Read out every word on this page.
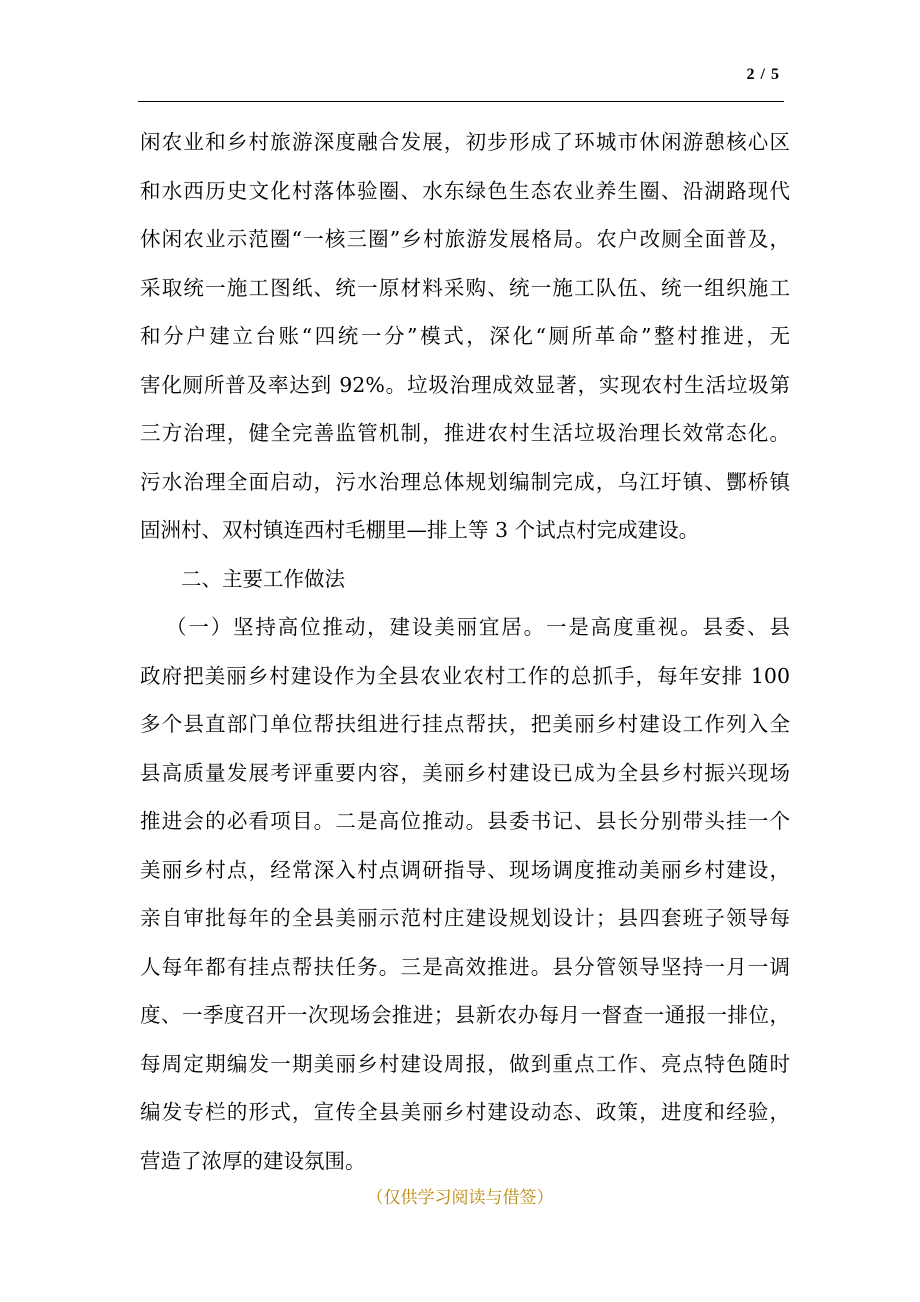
2 / 5
闲农业和乡村旅游深度融合发展，初步形成了环城市休闲游憩核心区
和水西历史文化村落体验圈、水东绿色生态农业养生圈、沿湖路现代
休闲农业示范圈“一核三圈”乡村旅游发展格局。农户改厕全面普及，
采取统一施工图纸、统一原材料采购、统一施工队伍、统一组织施工
和分户建立台账“四统一分”模式，深化“厕所革命”整村推进，无
害化厕所普及率达到 92%。垃圾治理成效显著，实现农村生活垃圾第
三方治理，健全完善监管机制，推进农村生活垃圾治理长效常态化。
污水治理全面启动，污水治理总体规划编制完成，乌江圩镇、酆桥镇
固洲村、双村镇连西村毛棚里—排上等 3 个试点村完成建设。
二、主要工作做法
（一）坚持高位推动，建设美丽宜居。一是高度重视。县委、县
政府把美丽乡村建设作为全县农业农村工作的总抓手，每年安排 100
多个县直部门单位帮扶组进行挂点帮扶，把美丽乡村建设工作列入全
县高质量发展考评重要内容，美丽乡村建设已成为全县乡村振兴现场
推进会的必看项目。二是高位推动。县委书记、县长分别带头挂一个
美丽乡村点，经常深入村点调研指导、现场调度推动美丽乡村建设，
亲自审批每年的全县美丽示范村庄建设规划设计；县四套班子领导每
人每年都有挂点帮扶任务。三是高效推进。县分管领导坚持一月一调
度、一季度召开一次现场会推进；县新农办每月一督查一通报一排位，
每周定期编发一期美丽乡村建设周报，做到重点工作、亮点特色随时
编发专栏的形式，宣传全县美丽乡村建设动态、政策，进度和经验，
营造了浓厚的建设氛围。
（仅供学习阅读与借签）
